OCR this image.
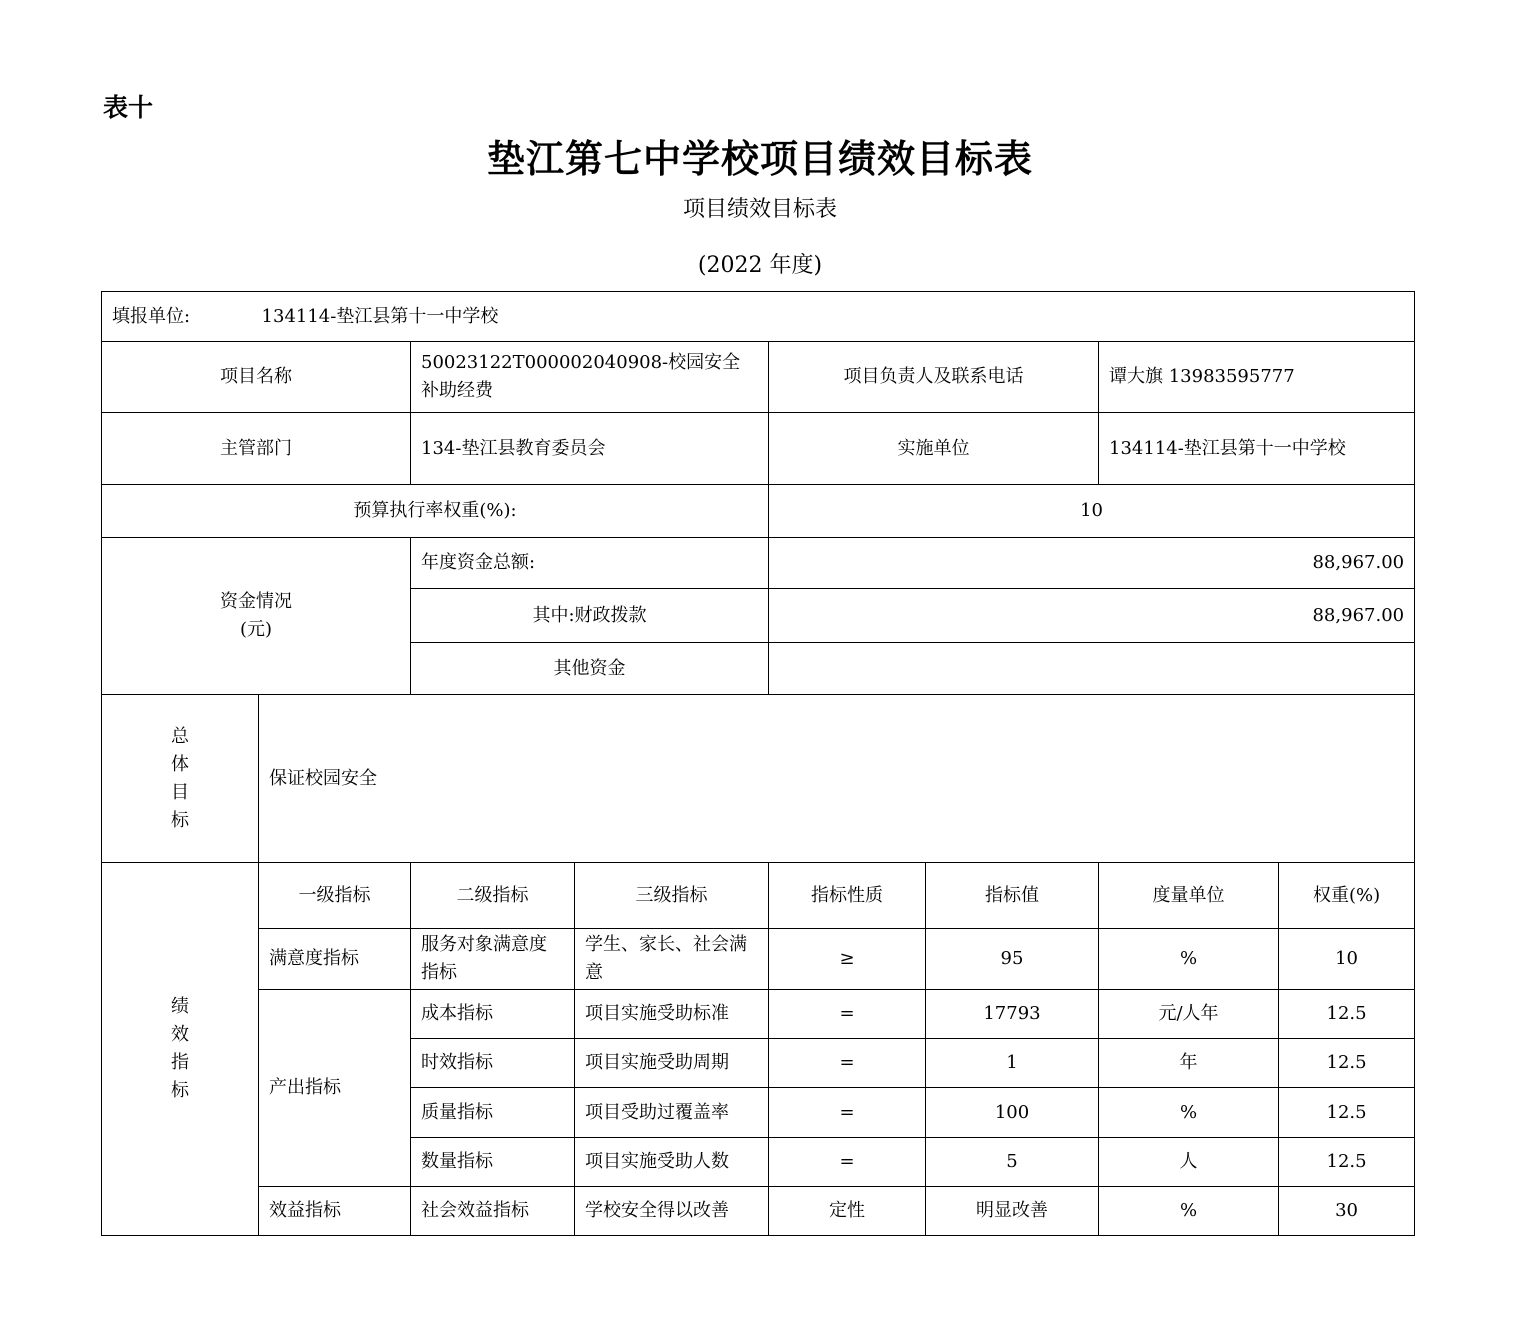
表十
垫江第七中学校项目绩效目标表
项目绩效目标表
(2022 年度)
填报单位: 134114-垫江县第十一中学校							
项目名称		50023122T000002040908-校园安全补助经费		项目负责人及联系电话		谭大旗 13983595777	
主管部门		134-垫江县教育委员会		实施单位		134114-垫江县第十一中学校	
预算执行率权重(%):				10			

资金情况
(元)		年度资金总额:		88,967.00			
		其中:财政拨款		88,967.00			
		其他资金					

总
体
目
标	保证校园安全						

绩
效
指
标	一级指标	二级指标	三级指标	指标性质	指标值	度量单位	权重(%)
	满意度指标	服务对象满意度指标	学生、家长、社会满意	≥	95	%	10
	产出指标	成本指标	项目实施受助标准	=	17793	元/人年	12.5
		时效指标	项目实施受助周期	=	1	年	12.5
		质量指标	项目受助过覆盖率	=	100	%	12.5
		数量指标	项目实施受助人数	=	5	人	12.5
	效益指标	社会效益指标	学校安全得以改善	定性	明显改善	%	30
